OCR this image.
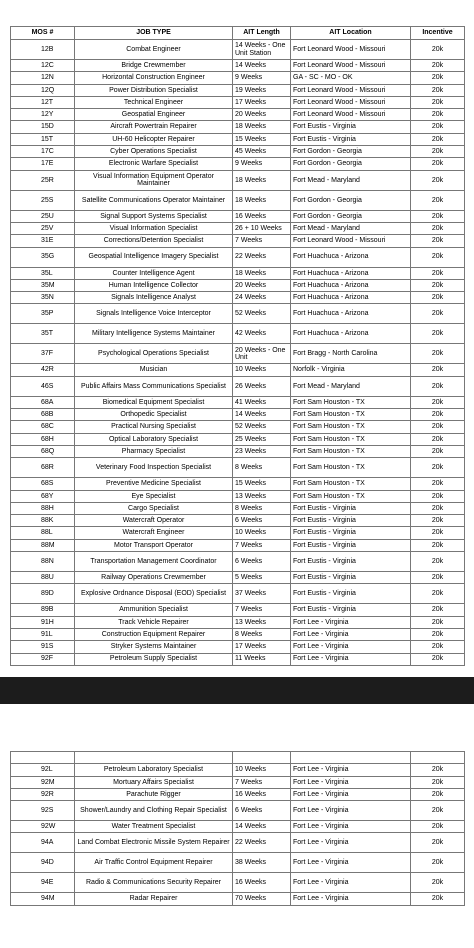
MOS #	JOB TYPE	AIT Length	AIT Location	Incentive
12B	Combat Engineer	14 Weeks - One Unit Station	Fort Leonard Wood - Missouri	20k
12C	Bridge Crewmember	14 Weeks	Fort Leonard Wood - Missouri	20k
12N	Horizontal Construction Engineer	9 Weeks	GA - SC - MO - OK	20k
12Q	Power Distribution Specialist	19 Weeks	Fort Leonard Wood - Missouri	20k
12T	Technical Engineer	17 Weeks	Fort Leonard Wood - Missouri	20k
12Y	Geospatial Engineer	20 Weeks	Fort Leonard Wood - Missouri	20k
15D	Aircraft Powertrain Repairer	18 Weeks	Fort Eustis - Virginia	20k
15T	UH-60 Helicopter Repairer	15 Weeks	Fort Eustis - Virginia	20k
17C	Cyber Operations Specialist	45 Weeks	Fort Gordon - Georgia	20k
17E	Electronic Warfare Specialist	9 Weeks	Fort Gordon - Georgia	20k
25R	Visual Information Equipment Operator Maintainer	18 Weeks	Fort Mead - Maryland	20k
25S	Satellite Communications Operator Maintainer	18 Weeks	Fort Gordon - Georgia	20k
25U	Signal Support Systems Specialist	16 Weeks	Fort Gordon - Georgia	20k
25V	Visual Information Specialist	26 + 10 Weeks	Fort Mead - Maryland	20k
31E	Corrections/Detention Specialist	7 Weeks	Fort Leonard Wood - Missouri	20k
35G	Geospatial Intelligence Imagery Specialist	22 Weeks	Fort Huachuca - Arizona	20k
35L	Counter Intelligence Agent	18 Weeks	Fort Huachuca - Arizona	20k
35M	Human Intelligence Collector	20 Weeks	Fort Huachuca - Arizona	20k
35N	Signals Intelligence Analyst	24 Weeks	Fort Huachuca - Arizona	20k
35P	Signals Intelligence Voice Interceptor	52 Weeks	Fort Huachuca - Arizona	20k
35T	Military Intelligence Systems Maintainer	42 Weeks	Fort Huachuca - Arizona	20k
37F	Psychological Operations Specialist	20 Weeks - One Unit	Fort Bragg - North Carolina	20k
42R	Musician	10 Weeks	Norfolk - Virginia	20k
46S	Public Affairs Mass Communications Specialist	26 Weeks	Fort Mead - Maryland	20k
68A	Biomedical Equipment Specialist	41 Weeks	Fort Sam Houston - TX	20k
68B	Orthopedic Specialist	14 Weeks	Fort Sam Houston - TX	20k
68C	Practical Nursing Specialist	52 Weeks	Fort Sam Houston - TX	20k
68H	Optical Laboratory Specialist	25 Weeks	Fort Sam Houston - TX	20k
68Q	Pharmacy Specialist	23 Weeks	Fort Sam Houston - TX	20k
68R	Veterinary Food Inspection Specialist	8 Weeks	Fort Sam Houston - TX	20k
68S	Preventive Medicine Specialist	15 Weeks	Fort Sam Houston - TX	20k
68Y	Eye Specialist	13 Weeks	Fort Sam Houston - TX	20k
88H	Cargo Specialist	8 Weeks	Fort Eustis - Virginia	20k
88K	Watercraft Operator	6 Weeks	Fort Eustis - Virginia	20k
88L	Watercraft Engineer	10 Weeks	Fort Eustis - Virginia	20k
88M	Motor Transport Operator	7 Weeks	Fort Eustis - Virginia	20k
88N	Transportation Management Coordinator	6 Weeks	Fort Eustis - Virginia	20k
88U	Railway Operations Crewmember	5 Weeks	Fort Eustis - Virginia	20k
89D	Explosive Ordnance Disposal (EOD) Specialist	37 Weeks	Fort Eustis - Virginia	20k
89B	Ammunition Specialist	7 Weeks	Fort Eustis - Virginia	20k
91H	Track Vehicle Repairer	13 Weeks	Fort Lee - Virginia	20k
91L	Construction Equipment Repairer	8 Weeks	Fort Lee - Virginia	20k
91S	Stryker Systems Maintainer	17 Weeks	Fort Lee - Virginia	20k
92F	Petroleum Supply Specialist	11 Weeks	Fort Lee - Virginia	20k

92L	Petroleum Laboratory Specialist	10 Weeks	Fort Lee - Virginia	20k
92M	Mortuary Affairs Specialist	7 Weeks	Fort Lee - Virginia	20k
92R	Parachute Rigger	16 Weeks	Fort Lee - Virginia	20k
92S	Shower/Laundry and Clothing Repair Specialist	6 Weeks	Fort Lee - Virginia	20k
92W	Water Treatment Specialist	14 Weeks	Fort Lee - Virginia	20k
94A	Land Combat Electronic Missile System Repairer	22 Weeks	Fort Lee - Virginia	20k
94D	Air Traffic Control Equipment Repairer	38 Weeks	Fort Lee - Virginia	20k
94E	Radio & Communications Security Repairer	16 Weeks	Fort Lee - Virginia	20k
94M	Radar Repairer	70 Weeks	Fort Lee - Virginia	20k
